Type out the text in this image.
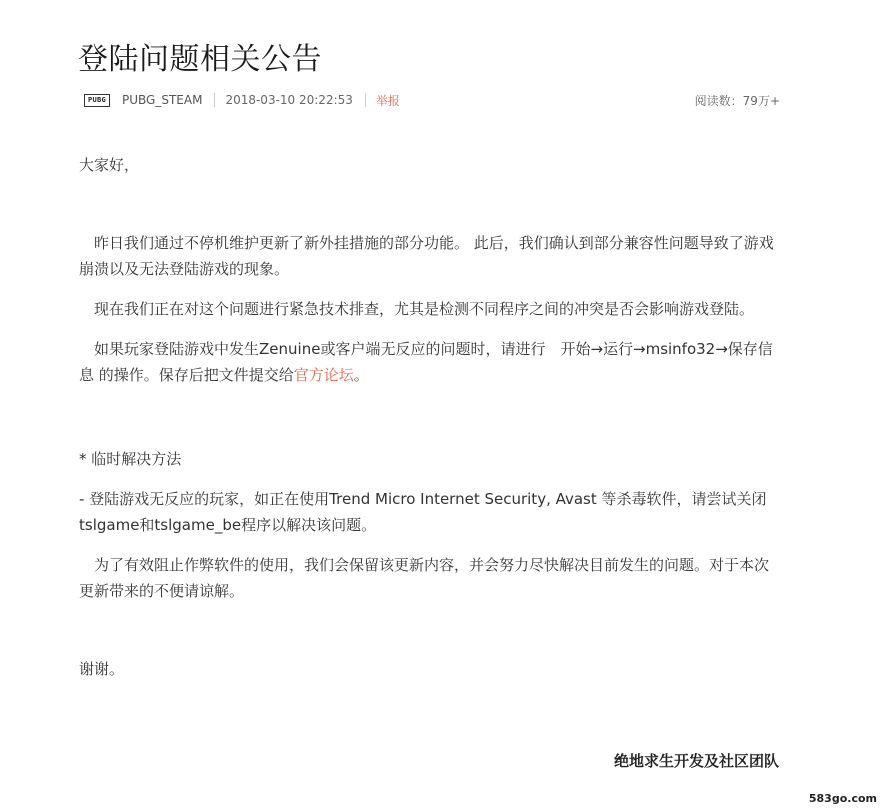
登陆问题相关公告
PUBG	PUBG_STEAM 2018-03-10 20:22:53 举报	阅读数：79万+

大家好，

　昨日我们通过不停机维护更新了新外挂措施的部分功能。 此后，我们确认到部分兼容性问题导致了游戏崩溃以及无法登陆游戏的现象。

　现在我们正在对这个问题进行紧急技术排查，尤其是检测不同程序之间的冲突是否会影响游戏登陆。

　如果玩家登陆游戏中发生Zenuine或客户端无反应的问题时，请进行　开始→运行→msinfo32→保存信息 的操作。保存后把文件提交给官方论坛。

* 临时解决方法

- 登陆游戏无反应的玩家，如正在使用Trend Micro Internet Security, Avast 等杀毒软件，请尝试关闭tslgame和tslgame_be程序以解决该问题。

　为了有效阻止作弊软件的使用，我们会保留该更新内容，并会努力尽快解决目前发生的问题。对于本次更新带来的不便请谅解。

谢谢。

绝地求生开发及社区团队
583go.com
